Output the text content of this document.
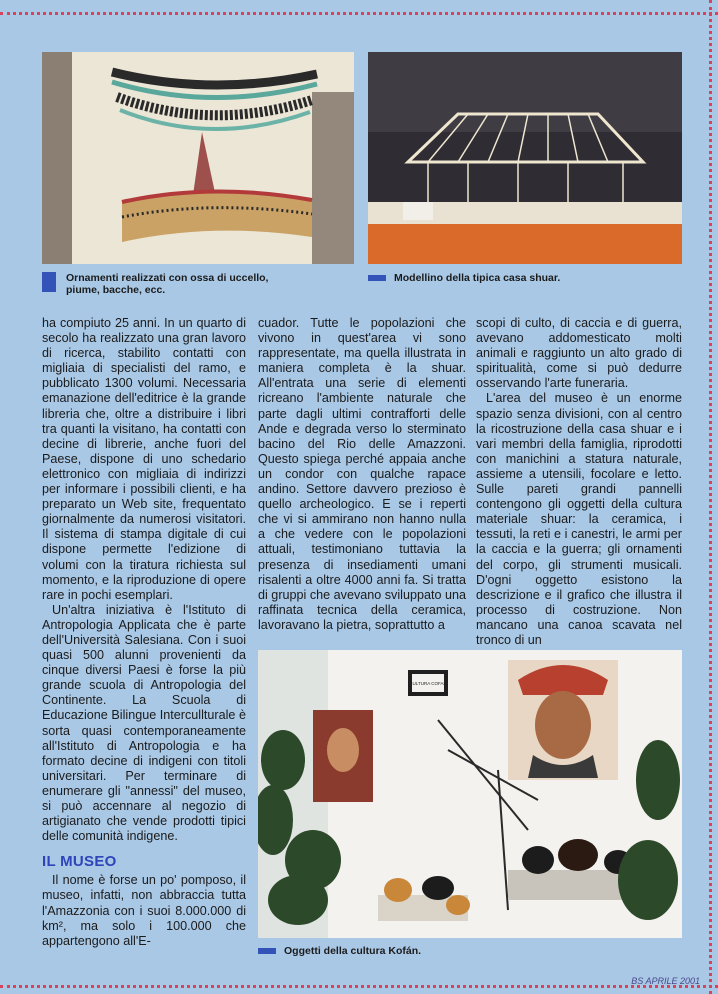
Ornamenti realizzati con ossa di uccello, piume, bacche, ecc.
Modellino della tipica casa shuar.

ha compiuto 25 anni. In un quarto di secolo ha realizzato una gran lavoro di ricerca, stabilito contatti con migliaia di specialisti del ramo, e pubblicato 1300 volumi. Necessaria emanazione dell'editrice è la grande libreria che, oltre a distribuire i libri tra quanti la visitano, ha contatti con decine di librerie, anche fuori del Paese, dispone di uno schedario elettronico con migliaia di indirizzi per informare i possibili clienti, e ha preparato un Web site, frequentato giornalmente da numerosi visitatori. Il sistema di stampa digitale di cui dispone permette l'edizione di volumi con la tiratura richiesta sul momento, e la riproduzione di opere rare in pochi esemplari.

Un'altra iniziativa è l'Istituto di Antropologia Applicata che è parte dell'Università Salesiana. Con i suoi quasi 500 alunni provenienti da cinque diversi Paesi è forse la più grande scuola di Antropologia del Continente. La Scuola di Educazione Bilingue Intercullturale è sorta quasi contemporaneamente all'Istituto di Antropologia e ha formato decine di indigeni con titoli universitari. Per terminare di enumerare gli "annessi" del museo, si può accennare al negozio di artigianato che vende prodotti tipici delle comunità indigene.

IL MUSEO

Il nome è forse un po' pomposo, il museo, infatti, non abbraccia tutta l'Amazzonia con i suoi 8.000.000 di km², ma solo i 100.000 che appartengono all'E-

cuador. Tutte le popolazioni che vivono in quest'area vi sono rappresentate, ma quella illustrata in maniera completa è la shuar. All'entrata una serie di elementi ricreano l'ambiente naturale che parte dagli ultimi contrafforti delle Ande e degrada verso lo sterminato bacino del Rio delle Amazzoni. Questo spiega perché appaia anche un condor con qualche rapace andino. Settore davvero prezioso è quello archeologico. E se i reperti che vi si ammirano non hanno nulla a che vedere con le popolazioni attuali, testimoniano tuttavia la presenza di insediamenti umani risalenti a oltre 4000 anni fa. Si tratta di gruppi che avevano sviluppato una raffinata tecnica della ceramica, lavoravano la pietra, soprattutto a

scopi di culto, di caccia e di guerra, avevano addomesticato molti animali e raggiunto un alto grado di spiritualità, come si può dedurre osservando l'arte funeraria.

L'area del museo è un enorme spazio senza divisioni, con al centro la ricostruzione della casa shuar e i vari membri della famiglia, riprodotti con manichini a statura naturale, assieme a utensili, focolare e letto. Sulle pareti grandi pannelli contengono gli oggetti della cultura materiale shuar: la ceramica, i tessuti, la reti e i canestri, le armi per la caccia e la guerra; gli ornamenti del corpo, gli strumenti musicali. D'ogni oggetto esistono la descrizione e il grafico che illustra il processo di costruzione. Non mancano una canoa scavata nel tronco di un

CULTURA COFAN
Oggetti della cultura Kofán.
BS APRILE 2001
